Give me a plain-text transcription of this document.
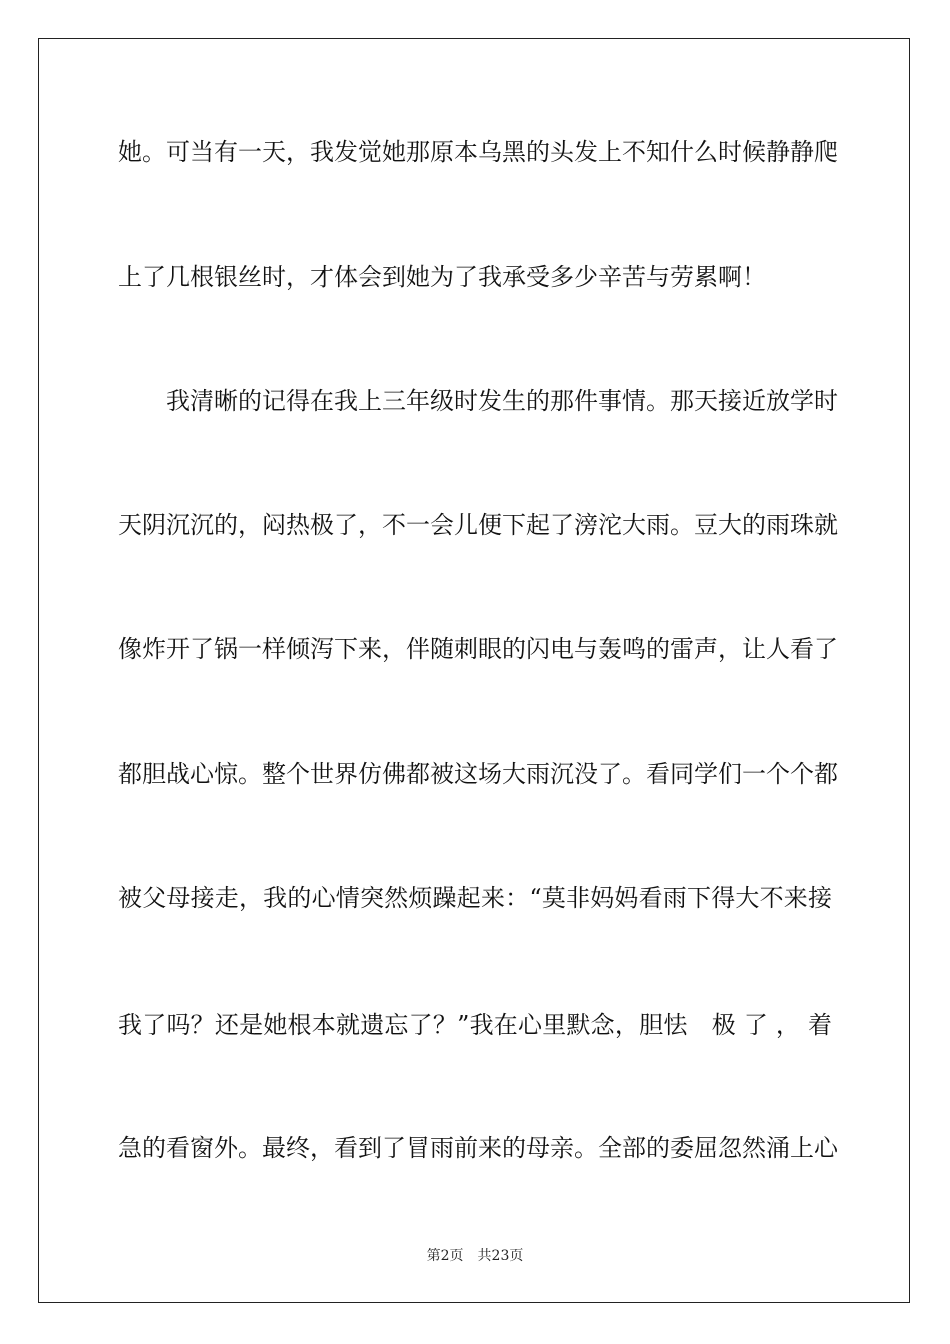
她。可当有一天，我发觉她那原本乌黑的头发上不知什么时候静静爬
上了几根银丝时，才体会到她为了我承受多少辛苦与劳累啊！
我清晰的记得在我上三年级时发生的那件事情。那天接近放学时
天阴沉沉的，闷热极了，不一会儿便下起了滂沱大雨。豆大的雨珠就
像炸开了锅一样倾泻下来，伴随刺眼的闪电与轰鸣的雷声，让人看了
都胆战心惊。整个世界仿佛都被这场大雨沉没了。看同学们一个个都
被父母接走，我的心情突然烦躁起来：“莫非妈妈看雨下得大不来接
我了吗？还是她根本就遗忘了？”我在心里默念，胆怯　极 了 ， 着
急的看窗外。最终，看到了冒雨前来的母亲。全部的委屈忽然涌上心
第2页　共23页
